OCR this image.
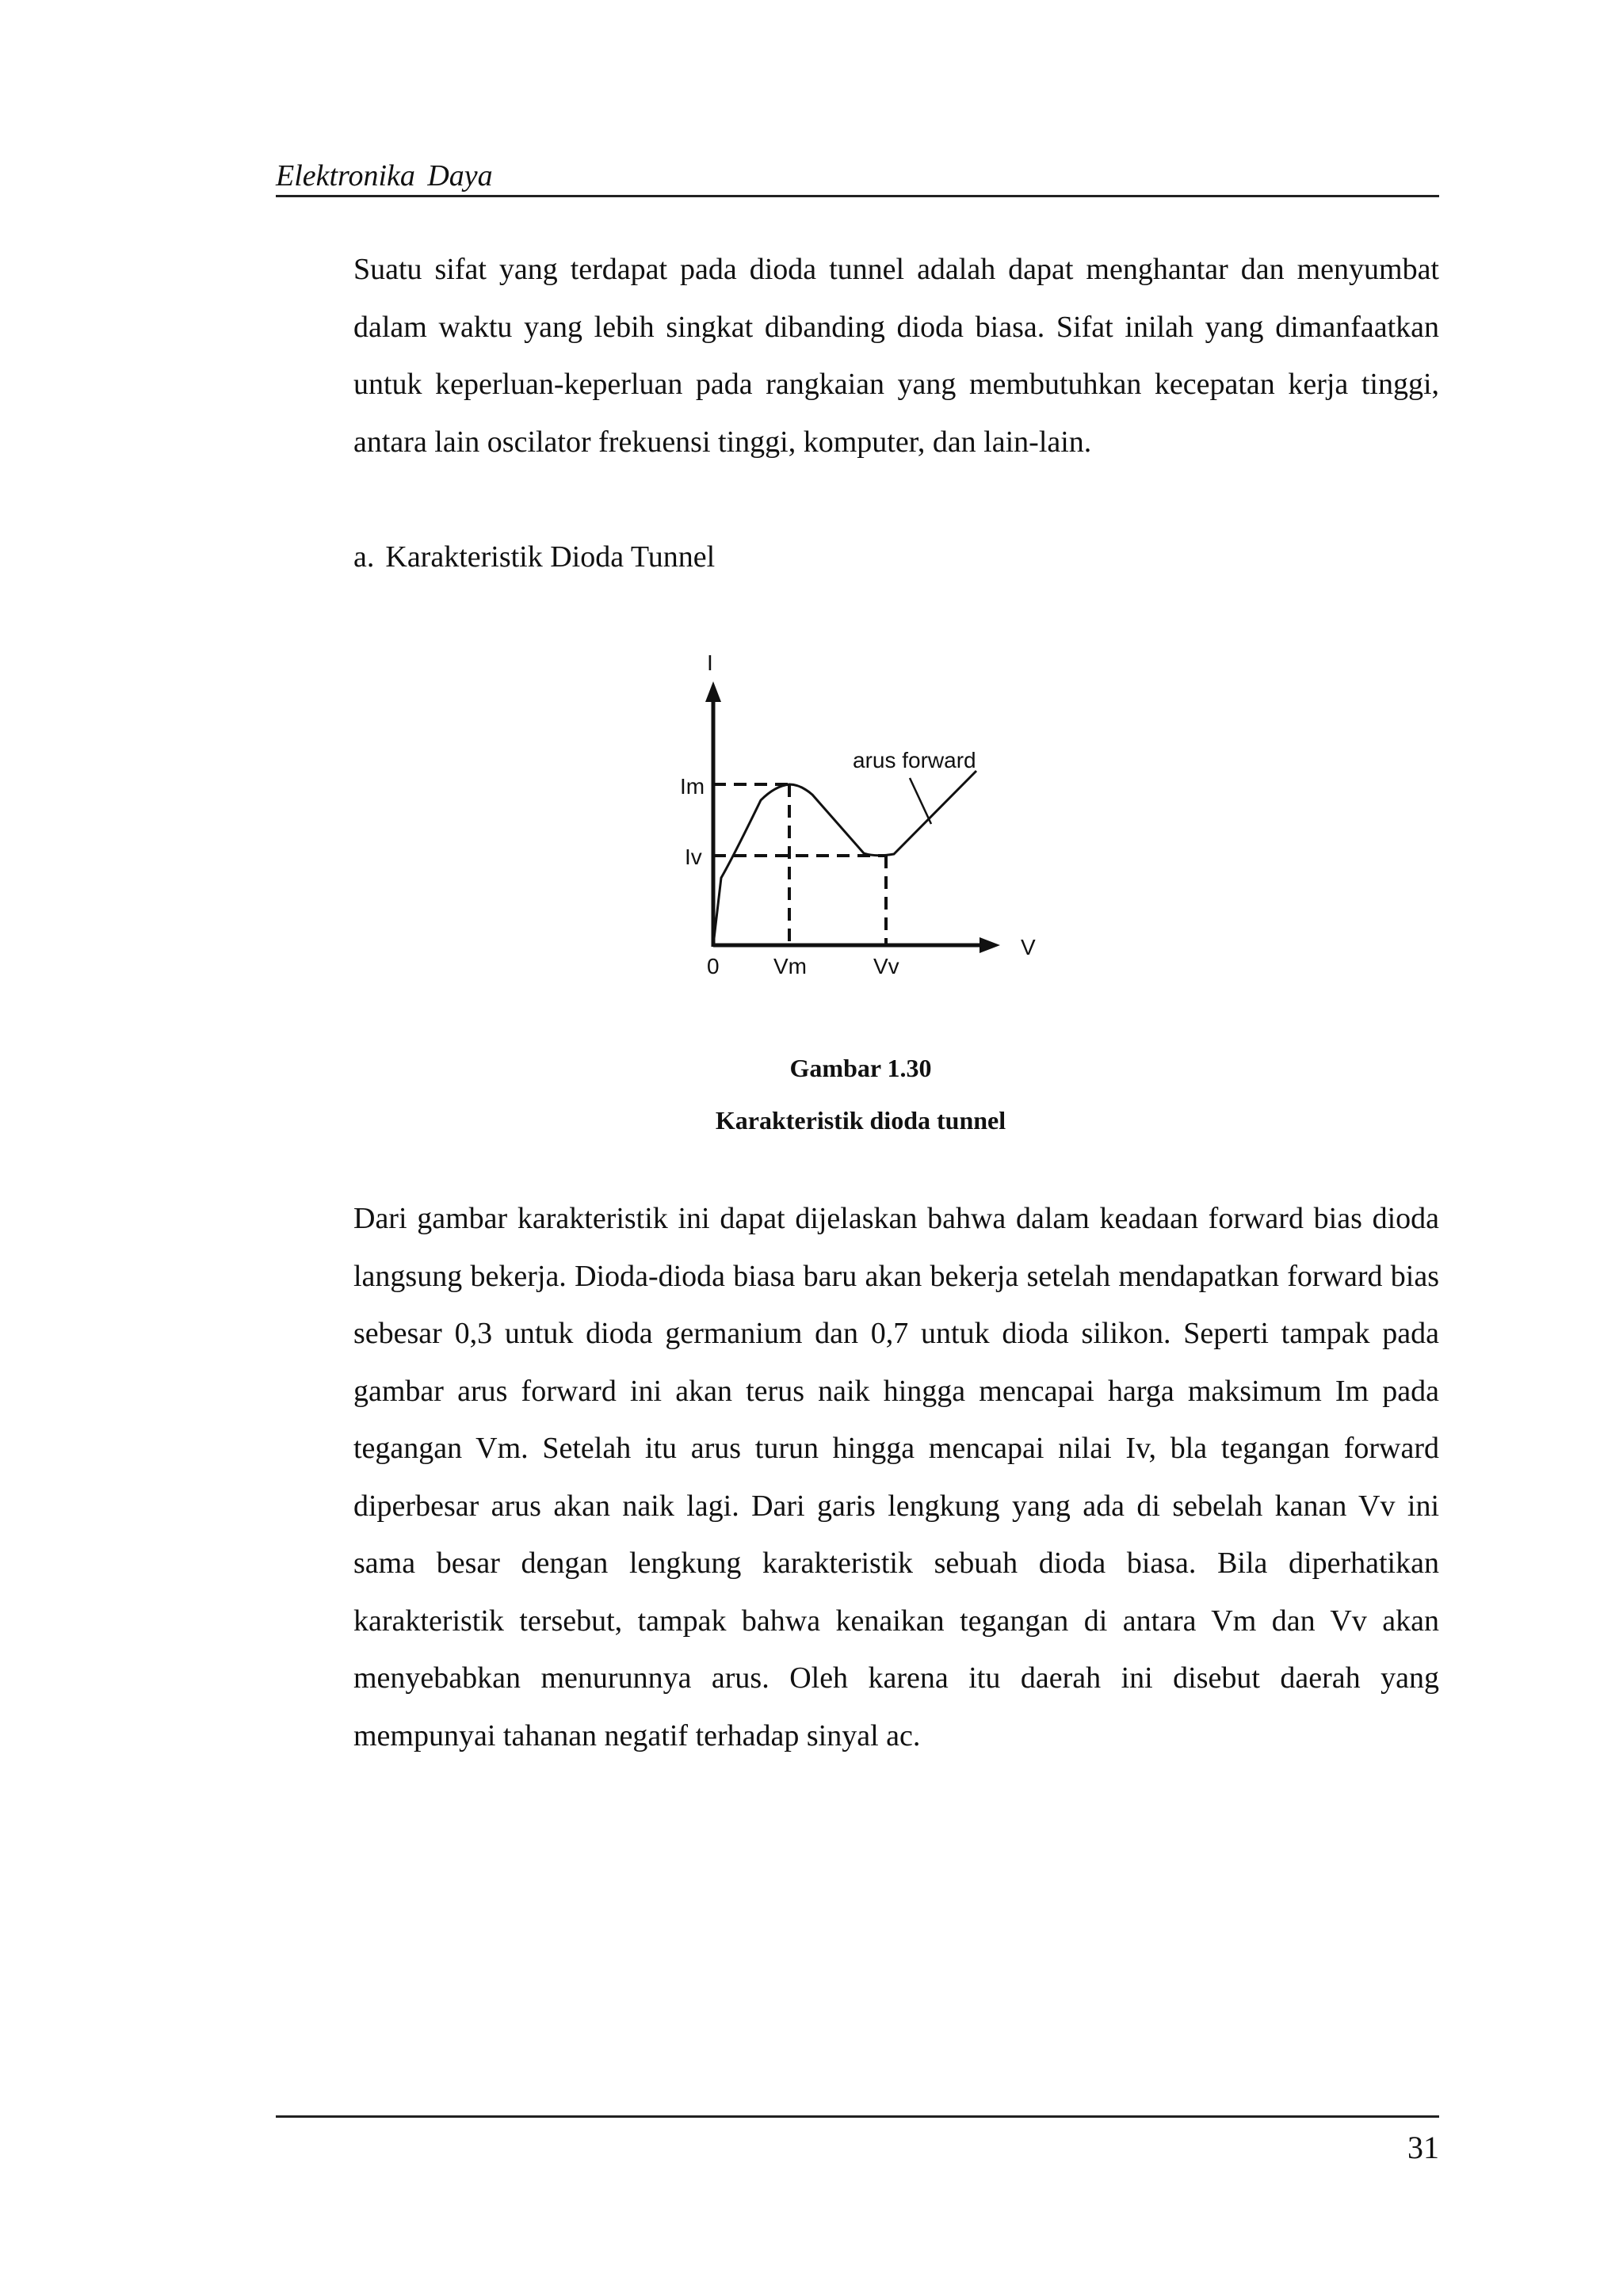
Elektronika Daya

Suatu sifat yang terdapat pada dioda tunnel adalah dapat menghantar dan menyumbat dalam waktu yang lebih singkat dibanding dioda biasa. Sifat inilah yang dimanfaatkan untuk keperluan-keperluan pada rangkaian yang membutuhkan kecepatan kerja tinggi, antara lain oscilator frekuensi tinggi, komputer, dan lain-lain.

a. Karakteristik Dioda Tunnel
I
V
0
Im
Iv
Vm	Vv
arus forward
Gambar 1.30
Karakteristik dioda tunnel

Dari gambar karakteristik ini dapat dijelaskan bahwa dalam keadaan forward bias dioda langsung bekerja. Dioda-dioda biasa baru akan bekerja setelah mendapatkan forward bias sebesar 0,3 untuk dioda germanium dan 0,7 untuk dioda silikon. Seperti tampak pada gambar arus forward ini akan terus naik hingga mencapai harga maksimum Im pada tegangan Vm. Setelah itu arus turun hingga mencapai nilai Iv, bla tegangan forward diperbesar arus akan naik lagi. Dari garis lengkung yang ada di sebelah kanan Vv ini sama besar dengan lengkung karakteristik sebuah dioda biasa. Bila diperhatikan karakteristik tersebut, tampak bahwa kenaikan tegangan di antara Vm dan Vv akan menyebabkan menurunnya arus. Oleh karena itu daerah ini disebut daerah yang mempunyai tahanan negatif terhadap sinyal ac.

31
